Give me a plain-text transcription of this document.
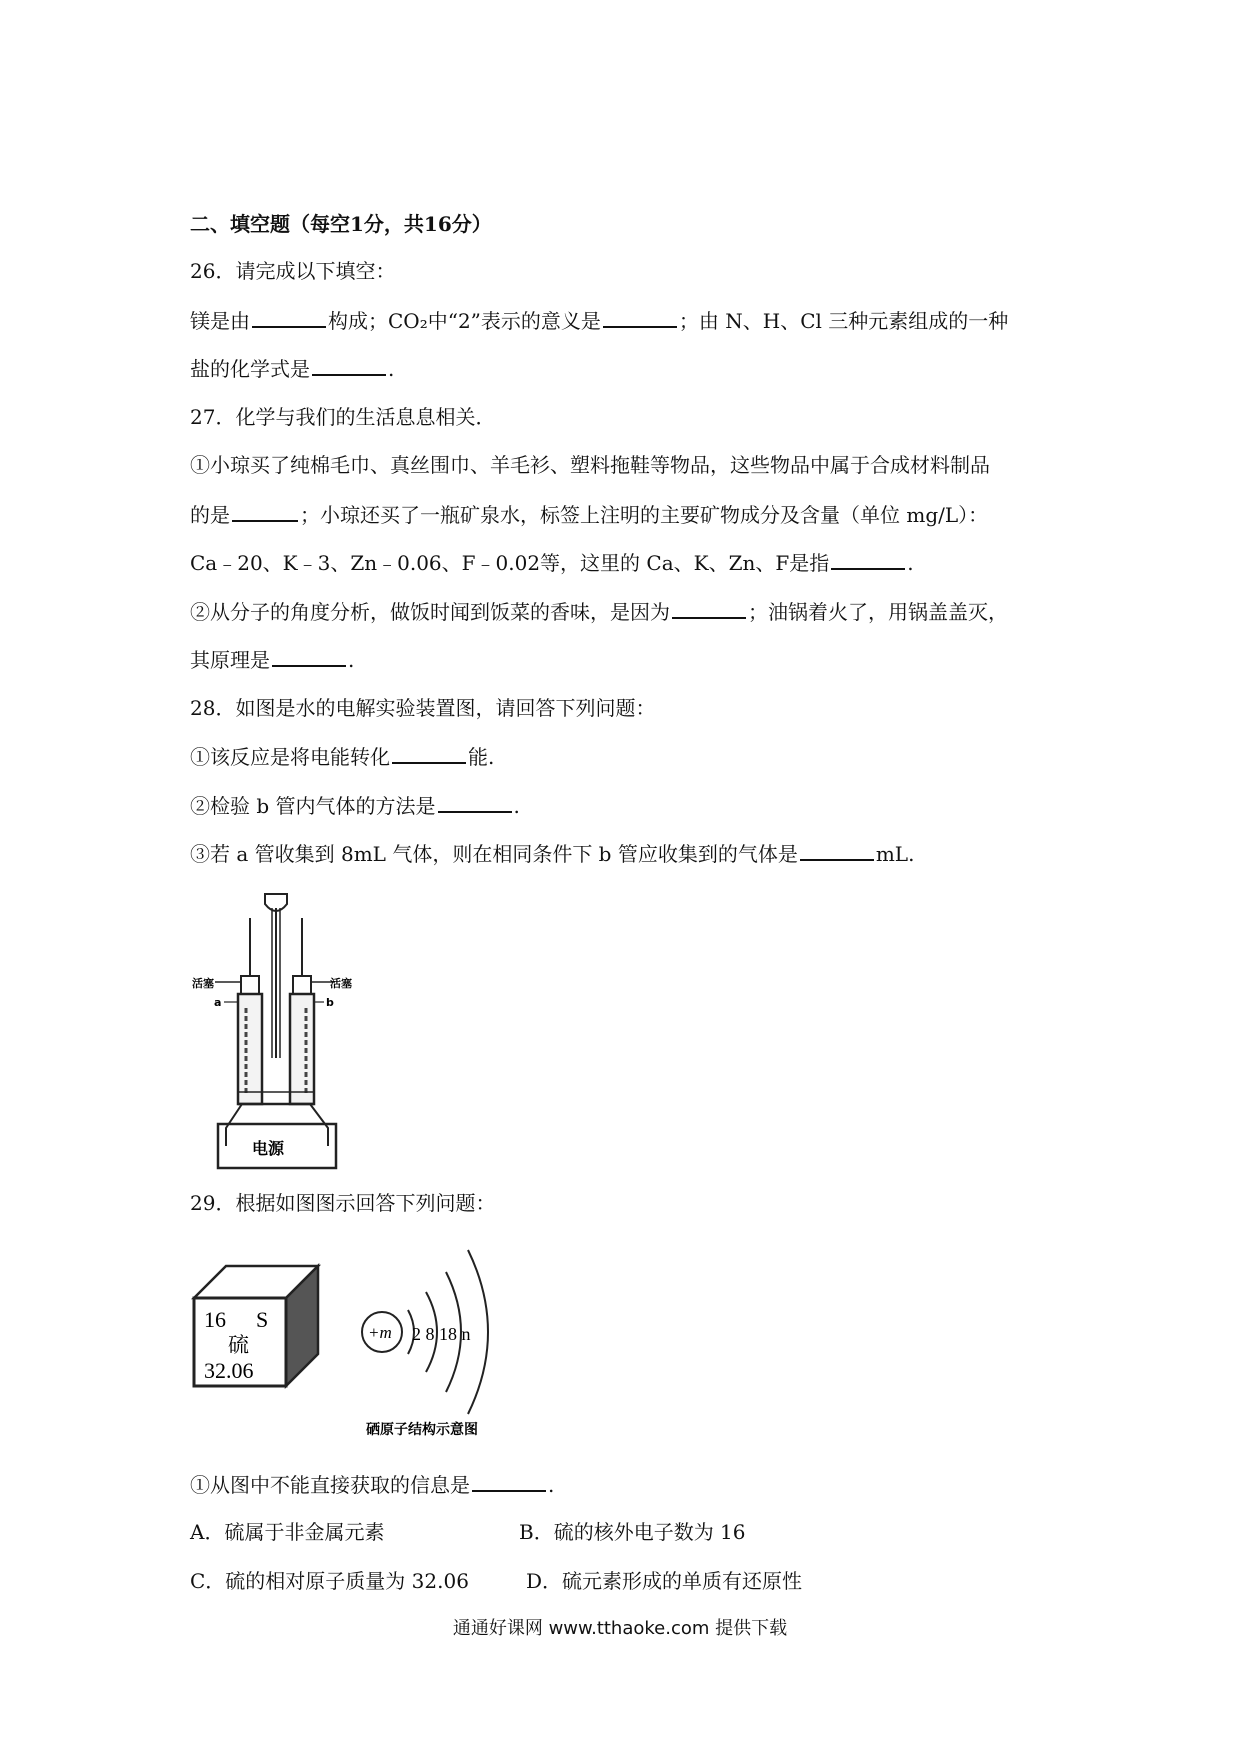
二、填空题（每空1分，共16分）
26．请完成以下填空：
镁是由	构成；CO₂中“2”表示的意义是	；由 N、H、Cl 三种元素组成的一种
盐的化学式是	.
27．化学与我们的生活息息相关．
①小琼买了纯棉毛巾、真丝围巾、羊毛衫、塑料拖鞋等物品，这些物品中属于合成材料制品
的是	；小琼还买了一瓶矿泉水，标签上注明的主要矿物成分及含量（单位 mg/L）：
Ca﹣20、K﹣3、Zn﹣0.06、F﹣0.02等，这里的 Ca、K、Zn、F是指	.
②从分子的角度分析，做饭时闻到饭菜的香味，是因为	；油锅着火了，用锅盖盖灭，
其原理是	.
28．如图是水的电解实验装置图，请回答下列问题：
①该反应是将电能转化	能.
②检验 b 管内气体的方法是	.
③若 a 管收集到 8mL 气体，则在相同条件下 b 管应收集到的气体是	mL.
活塞	活塞
a	b
电源
29．根据如图图示回答下列问题：
16 S
硫
32.06
+m 2 8 18 n
硒原子结构示意图
①从图中不能直接获取的信息是	.
A．硫属于非金属元素	B．硫的核外电子数为 16
C．硫的相对原子质量为 32.06	D．硫元素形成的单质有还原性
通通好课网 www.tthaoke.com 提供下载
